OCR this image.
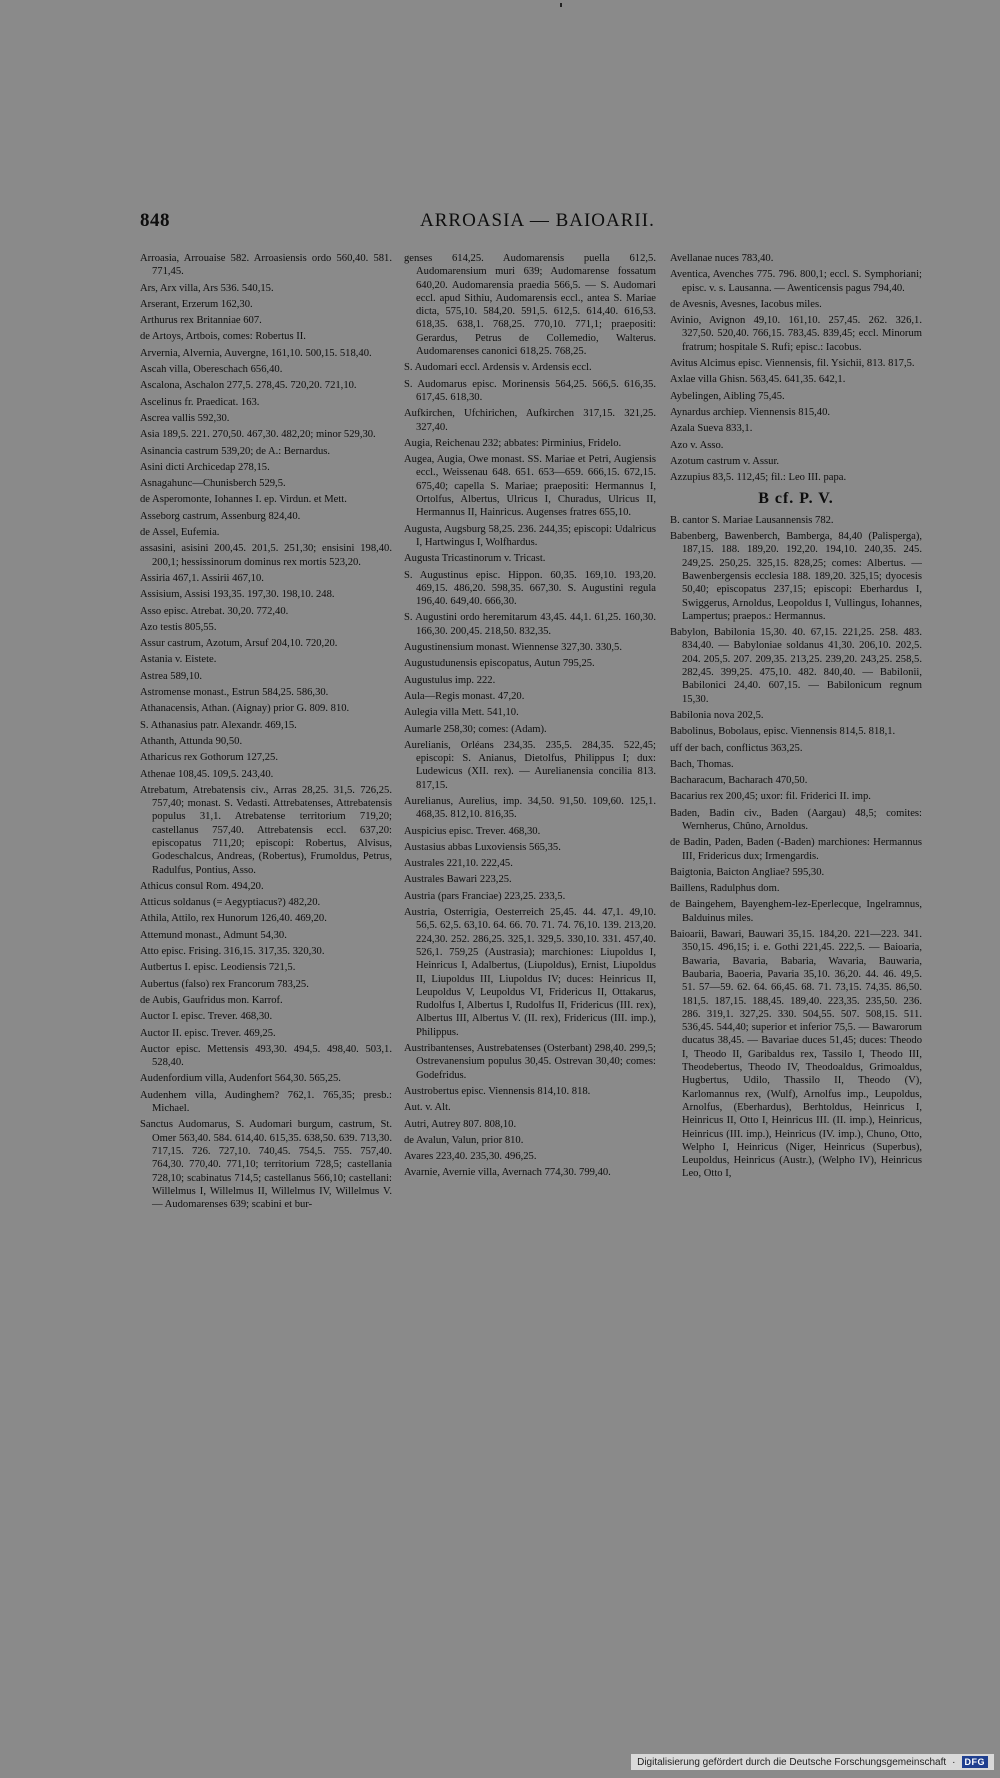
848	ARROASIA — BAIOARII.

Arroasia, Arrouaise 582. Arroasiensis ordo 560,40. 581. 771,45.

Ars, Arx villa, Ars 536. 540,15.

Arserant, Erzerum 162,30.

Arthurus rex Britanniae 607.

de Artoys, Artbois, comes: Robertus II.

Arvernia, Alvernia, Auvergne, 161,10. 500,15. 518,40.

Ascah villa, Obereschach 656,40.

Ascalona, Aschalon 277,5. 278,45. 720,20. 721,10.

Ascelinus fr. Praedicat. 163.

Ascrea vallis 592,30.

Asia 189,5. 221. 270,50. 467,30. 482,20; minor 529,30.

Asinancia castrum 539,20; de A.: Bernardus.

Asini dicti Archicedap 278,15.

Asnagahunc—Chunisberch 529,5.

de Asperomonte, Iohannes I. ep. Virdun. et Mett.

Asseborg castrum, Assenburg 824,40.

de Assel, Eufemia.

assasini, asisini 200,45. 201,5. 251,30; ensisini 198,40. 200,1; hessissinorum dominus rex mortis 523,20.

Assiria 467,1. Assirii 467,10.

Assisium, Assisi 193,35. 197,30. 198,10. 248.

Asso episc. Atrebat. 30,20. 772,40.

Azo testis 805,55.

Assur castrum, Azotum, Arsuf 204,10. 720,20.

Astania v. Eistete.

Astrea 589,10.

Astromense monast., Estrun 584,25. 586,30.

Athanacensis, Athan. (Aignay) prior G. 809. 810.

S. Athanasius patr. Alexandr. 469,15.

Athanth, Attunda 90,50.

Atharicus rex Gothorum 127,25.

Athenae 108,45. 109,5. 243,40.

Atrebatum, Atrebatensis civ., Arras 28,25. 31,5. 726,25. 757,40; monast. S. Vedasti. Attrebatenses, Attrebatensis populus 31,1. Atrebatense territorium 719,20; castellanus 757,40. Attrebatensis eccl. 637,20: episcopatus 711,20; episcopi: Robertus, Alvisus, Godeschalcus, Andreas, (Robertus), Frumoldus, Petrus, Radulfus, Pontius, Asso.

Athicus consul Rom. 494,20.

Atticus soldanus (= Aegyptiacus?) 482,20.

Athila, Attilo, rex Hunorum 126,40. 469,20.

Attemund monast., Admunt 54,30.

Atto episc. Frising. 316,15. 317,35. 320,30.

Autbertus I. episc. Leodiensis 721,5.

Aubertus (falso) rex Francorum 783,25.

de Aubis, Gaufridus mon. Karrof.

Auctor I. episc. Trever. 468,30.

Auctor II. episc. Trever. 469,25.

Auctor episc. Mettensis 493,30. 494,5. 498,40. 503,1. 528,40.

Audenfordium villa, Audenfort 564,30. 565,25.

Audenhem villa, Audinghem? 762,1. 765,35; presb.: Michael.

Sanctus Audomarus, S. Audomari burgum, castrum, St. Omer 563,40. 584. 614,40. 615,35. 638,50. 639. 713,30. 717,15. 726. 727,10. 740,45. 754,5. 755. 757,40. 764,30. 770,40. 771,10; territorium 728,5; castellania 728,10; scabinatus 714,5; castellanus 566,10; castellani: Willelmus I, Willelmus II, Willelmus IV, Willelmus V. — Audomarenses 639; scabini et bur-

genses 614,25. Audomarensis puella 612,5. Audomarensium muri 639; Audomarense fossatum 640,20. Audomarensia praedia 566,5. — S. Audomari eccl. apud Sithiu, Audomarensis eccl., antea S. Mariae dicta, 575,10. 584,20. 591,5. 612,5. 614,40. 616,53. 618,35. 638,1. 768,25. 770,10. 771,1; praepositi: Gerardus, Petrus de Collemedio, Walterus. Audomarenses canonici 618,25. 768,25.

S. Audomari eccl. Ardensis v. Ardensis eccl.

S. Audomarus episc. Morinensis 564,25. 566,5. 616,35. 617,45. 618,30.

Aufkirchen, Ufchirichen, Aufkirchen 317,15. 321,25. 327,40.

Augia, Reichenau 232; abbates: Pirminius, Fridelo.

Augea, Augia, Owe monast. SS. Mariae et Petri, Augiensis eccl., Weissenau 648. 651. 653—659. 666,15. 672,15. 675,40; capella S. Mariae; praepositi: Hermannus I, Ortolfus, Albertus, Ulricus I, Churadus, Ulricus II, Hermannus II, Hainricus. Augenses fratres 655,10.

Augusta, Augsburg 58,25. 236. 244,35; episcopi: Udalricus I, Hartwingus I, Wolfhardus.

Augusta Tricastinorum v. Tricast.

S. Augustinus episc. Hippon. 60,35. 169,10. 193,20. 469,15. 486,20. 598,35. 667,30. S. Augustini regula 196,40. 649,40. 666,30.

S. Augustini ordo heremitarum 43,45. 44,1. 61,25. 160,30. 166,30. 200,45. 218,50. 832,35.

Augustinensium monast. Wiennense 327,30. 330,5.

Augustudunensis episcopatus, Autun 795,25.

Augustulus imp. 222.

Aula—Regis monast. 47,20.

Aulegia villa Mett. 541,10.

Aumarle 258,30; comes: (Adam).

Aurelianis, Orléans 234,35. 235,5. 284,35. 522,45; episcopi: S. Anianus, Dietolfus, Philippus I; dux: Ludewicus (XII. rex). — Aurelianensia concilia 813. 817,15.

Aurelianus, Aurelius, imp. 34,50. 91,50. 109,60. 125,1. 468,35. 812,10. 816,35.

Auspicius episc. Trever. 468,30.

Austasius abbas Luxoviensis 565,35.

Australes 221,10. 222,45.

Australes Bawari 223,25.

Austria (pars Franciae) 223,25. 233,5.

Austria, Osterrigia, Oesterreich 25,45. 44. 47,1. 49,10. 56,5. 62,5. 63,10. 64. 66. 70. 71. 74. 76,10. 139. 213,20. 224,30. 252. 286,25. 325,1. 329,5. 330,10. 331. 457,40. 526,1. 759,25 (Austrasia); marchiones: Liupoldus I, Heinricus I, Adalbertus, (Liupoldus), Ernist, Liupoldus II, Liupoldus III, Liupoldus IV; duces: Heinricus II, Leupoldus V, Leupoldus VI, Fridericus II, Ottakarus, Rudolfus I, Albertus I, Rudolfus II, Fridericus (III. rex), Albertus III, Albertus V. (II. rex), Fridericus (III. imp.), Philippus.

Austribantenses, Austrebatenses (Osterbant) 298,40. 299,5; Ostrevanensium populus 30,45. Ostrevan 30,40; comes: Godefridus.

Austrobertus episc. Viennensis 814,10. 818.

Aut. v. Alt.

Autri, Autrey 807. 808,10.

de Avalun, Valun, prior 810.

Avares 223,40. 235,30. 496,25.

Avarnie, Avernie villa, Avernach 774,30. 799,40.

Avellanae nuces 783,40.

Aventica, Avenches 775. 796. 800,1; eccl. S. Symphoriani; episc. v. s. Lausanna. — Awenticensis pagus 794,40.

de Avesnis, Avesnes, Iacobus miles.

Avinio, Avignon 49,10. 161,10. 257,45. 262. 326,1. 327,50. 520,40. 766,15. 783,45. 839,45; eccl. Minorum fratrum; hospitale S. Rufi; episc.: Iacobus.

Avitus Alcimus episc. Viennensis, fil. Ysichii, 813. 817,5.

Axlae villa Ghisn. 563,45. 641,35. 642,1.

Aybelingen, Aibling 75,45.

Aynardus archiep. Viennensis 815,40.

Azala Sueva 833,1.

Azo v. Asso.

Azotum castrum v. Assur.

Azzupius 83,5. 112,45; fil.: Leo III. papa.

B cf. P. V.

B. cantor S. Mariae Lausannensis 782.

Babenberg, Bawenberch, Bamberga, 84,40 (Palispergа), 187,15. 188. 189,20. 192,20. 194,10. 240,35. 245. 249,25. 250,25. 325,15. 828,25; comes: Albertus. — Bawenbergensis ecclesia 188. 189,20. 325,15; dyocesis 50,40; episcopatus 237,15; episcopi: Eberhardus I, Swiggerus, Arnoldus, Leopoldus I, Vullingus, Iohannes, Lampertus; praepos.: Hermannus.

Babylon, Babilonia 15,30. 40. 67,15. 221,25. 258. 483. 834,40. — Babyloniae soldanus 41,30. 206,10. 202,5. 204. 205,5. 207. 209,35. 213,25. 239,20. 243,25. 258,5. 282,45. 399,25. 475,10. 482. 840,40. — Babilonii, Babilonici 24,40. 607,15. — Babilonicum regnum 15,30.

Babilonia nova 202,5.

Babolinus, Bobolaus, episc. Viennensis 814,5. 818,1.

uff der bach, conflictus 363,25.

Bach, Thomas.

Bacharacum, Bacharach 470,50.

Bacarius rex 200,45; uxor: fil. Friderici II. imp.

Baden, Badin civ., Baden (Aargau) 48,5; comites: Wernherus, Chûno, Arnoldus.

de Badin, Paden, Baden (-Baden) marchiones: Hermannus III, Fridericus dux; Irmengardis.

Baigtonia, Baicton Angliae? 595,30.

Baillens, Radulphus dom.

de Baingehem, Bayenghem-lez-Eperlecque, Ingelramnus, Balduinus miles.

Baioarii, Bawari, Bauwari 35,15. 184,20. 221—223. 341. 350,15. 496,15; i. e. Gothi 221,45. 222,5. — Baioaria, Bawaria, Bavaria, Babaria, Wavaria, Bauwaria, Baubaria, Baoeria, Pavaria 35,10. 36,20. 44. 46. 49,5. 51. 57—59. 62. 64. 66,45. 68. 71. 73,15. 74,35. 86,50. 181,5. 187,15. 188,45. 189,40. 223,35. 235,50. 236. 286. 319,1. 327,25. 330. 504,55. 507. 508,15. 511. 536,45. 544,40; superior et inferior 75,5. — Bawarorum ducatus 38,45. — Bavariae duces 51,45; duces: Theodo I, Theodo II, Garibaldus rex, Tassilo I, Theodo III, Theodebertus, Theodo IV, Theodoaldus, Grimoaldus, Hugbertus, Udilo, Thassilo II, Theodo (V), Karlomannus rex, (Wulf), Arnolfus imp., Leupoldus, Arnolfus, (Eberhardus), Berhtoldus, Heinricus I, Heinricus II, Otto I, Heinricus III. (II. imp.), Heinricus, Heinricus (III. imp.), Heinricus (IV. imp.), Chuno, Otto, Welpho I, Heinricus (Niger, Heinricus (Superbus), Leupoldus, Heinricus (Austr.), (Welpho IV), Heinricus Leo, Otto I,

Digitalisierung gefördert durch die Deutsche Forschungsgemeinschaft ·	DFG
